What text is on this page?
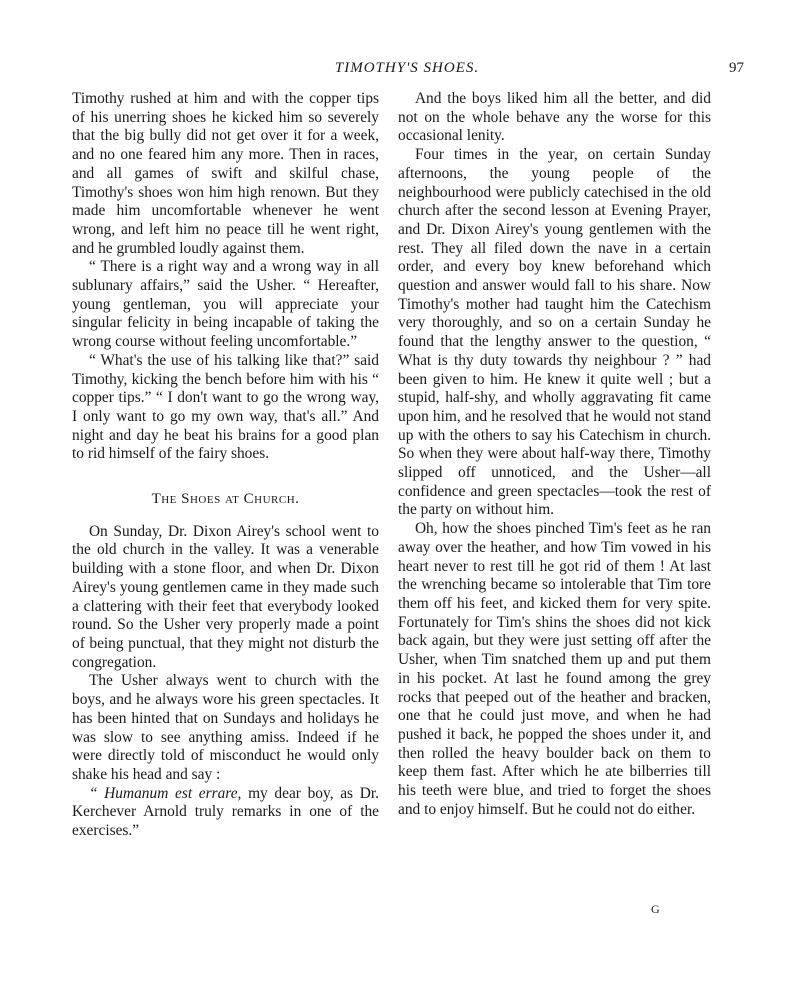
TIMOTHY'S SHOES.	97

Timothy rushed at him and with the copper tips of his unerring shoes he kicked him so severely that the big bully did not get over it for a week, and no one feared him any more. Then in races, and all games of swift and skilful chase, Timothy's shoes won him high renown. But they made him uncomfortable whenever he went wrong, and left him no peace till he went right, and he grumbled loudly against them.

“ There is a right way and a wrong way in all sublunary affairs,” said the Usher. “ Hereafter, young gentleman, you will appreciate your singular felicity in being incapable of taking the wrong course without feeling uncomfortable.”

“ What's the use of his talking like that?” said Timothy, kicking the bench before him with his “ copper tips.” “ I don't want to go the wrong way, I only want to go my own way, that's all.” And night and day he beat his brains for a good plan to rid himself of the fairy shoes.

The Shoes at Church.

On Sunday, Dr. Dixon Airey's school went to the old church in the valley. It was a venerable building with a stone floor, and when Dr. Dixon Airey's young gentlemen came in they made such a clattering with their feet that everybody looked round. So the Usher very properly made a point of being punctual, that they might not disturb the congregation.

The Usher always went to church with the boys, and he always wore his green spectacles. It has been hinted that on Sundays and holidays he was slow to see anything amiss. Indeed if he were directly told of misconduct he would only shake his head and say :

“ Humanum est errare, my dear boy, as Dr. Kerchever Arnold truly remarks in one of the exercises.”

And the boys liked him all the better, and did not on the whole behave any the worse for this occasional lenity.

Four times in the year, on certain Sunday afternoons, the young people of the neighbourhood were publicly catechised in the old church after the second lesson at Evening Prayer, and Dr. Dixon Airey's young gentlemen with the rest. They all filed down the nave in a certain order, and every boy knew beforehand which question and answer would fall to his share. Now Timothy's mother had taught him the Catechism very thoroughly, and so on a certain Sunday he found that the lengthy answer to the question, “ What is thy duty towards thy neighbour ? ” had been given to him. He knew it quite well ; but a stupid, half-shy, and wholly aggravating fit came upon him, and he resolved that he would not stand up with the others to say his Catechism in church. So when they were about half-way there, Timothy slipped off unnoticed, and the Usher—all confidence and green spectacles—took the rest of the party on without him.

Oh, how the shoes pinched Tim's feet as he ran away over the heather, and how Tim vowed in his heart never to rest till he got rid of them ! At last the wrenching became so intolerable that Tim tore them off his feet, and kicked them for very spite. Fortunately for Tim's shins the shoes did not kick back again, but they were just setting off after the Usher, when Tim snatched them up and put them in his pocket. At last he found among the grey rocks that peeped out of the heather and bracken, one that he could just move, and when he had pushed it back, he popped the shoes under it, and then rolled the heavy boulder back on them to keep them fast. After which he ate bilberries till his teeth were blue, and tried to forget the shoes and to enjoy himself. But he could not do either.

G
